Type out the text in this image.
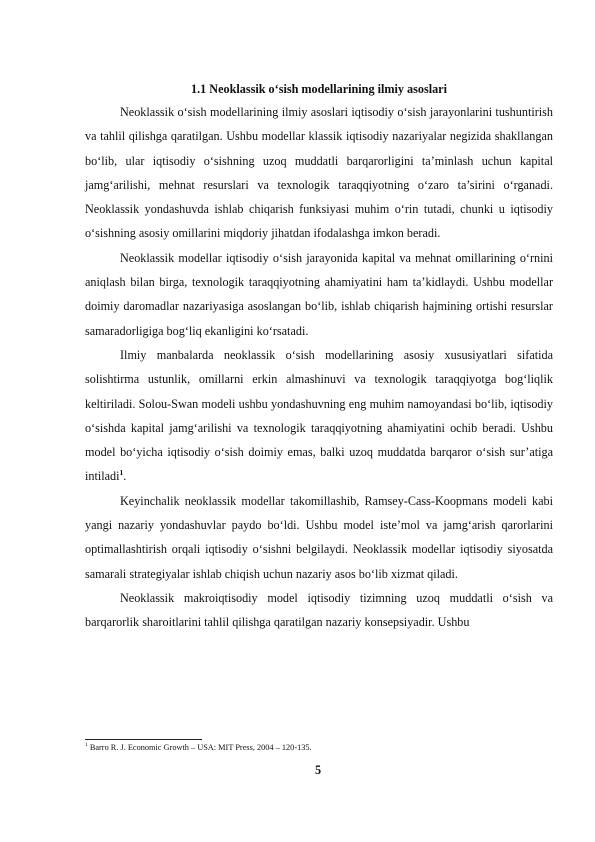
1.1 Neoklassik o‘sish modellarining ilmiy asoslari

Neoklassik o‘sish modellarining ilmiy asoslari iqtisodiy o‘sish jarayonlarini tushuntirish va tahlil qilishga qaratilgan. Ushbu modellar klassik iqtisodiy nazariyalar negizida shakllangan bo‘lib, ular iqtisodiy o‘sishning uzoq muddatli barqarorligini ta’minlash uchun kapital jamg‘arilishi, mehnat resurslari va texnologik taraqqiyotning o‘zaro ta’sirini o‘rganadi. Neoklassik yondashuvda ishlab chiqarish funksiyasi muhim o‘rin tutadi, chunki u iqtisodiy o‘sishning asosiy omillarini miqdoriy jihatdan ifodalashga imkon beradi.

Neoklassik modellar iqtisodiy o‘sish jarayonida kapital va mehnat omillarining o‘rnini aniqlash bilan birga, texnologik taraqqiyotning ahamiyatini ham ta’kidlaydi. Ushbu modellar doimiy daromadlar nazariyasiga asoslangan bo‘lib, ishlab chiqarish hajmining ortishi resurslar samaradorligiga bog‘liq ekanligini ko‘rsatadi.

Ilmiy manbalarda neoklassik o‘sish modellarining asosiy xususiyatlari sifatida solishtirma ustunlik, omillarni erkin almashinuvi va texnologik taraqqiyotga bog‘liqlik keltiriladi. Solou-Swan modeli ushbu yondashuvning eng muhim namoyandasi bo‘lib, iqtisodiy o‘sishda kapital jamg‘arilishi va texnologik taraqqiyotning ahamiyatini ochib beradi. Ushbu model bo‘yicha iqtisodiy o‘sish doimiy emas, balki uzoq muddatda barqaror o‘sish sur’atiga intiladi$^1$.

Keyinchalik neoklassik modellar takomillashib, Ramsey-Cass-Koopmans modeli kabi yangi nazariy yondashuvlar paydo bo‘ldi. Ushbu model iste’mol va jamg‘arish qarorlarini optimallashtirish orqali iqtisodiy o‘sishni belgilaydi. Neoklassik modellar iqtisodiy siyosatda samarali strategiyalar ishlab chiqish uchun nazariy asos bo‘lib xizmat qiladi.

Neoklassik makroiqtisodiy model iqtisodiy tizimning uzoq muddatli o‘sish va barqarorlik sharoitlarini tahlil qilishga qaratilgan nazariy konsepsiyadir. Ushbu

$^1$ Barro R. J. Economic Growth – USA: MIT Press, 2004 – 120-135.
5
